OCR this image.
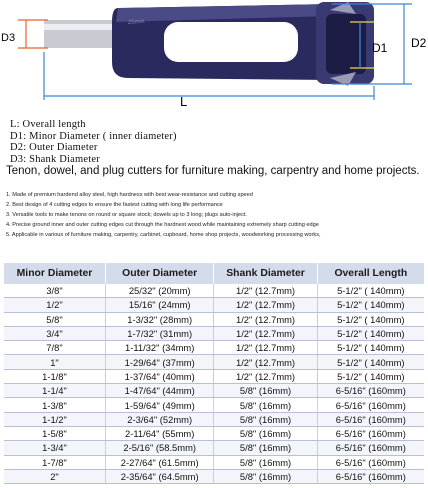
D3
25mm
D1 D2
L
L: Overall length
D1: Minor Diameter ( inner diameter)
D2: Outer Diameter
D3: Shank Diameter
Tenon, dowel, and plug cutters for furniture making, carpentry and home projects.
1. Made of premium hardend alloy steel, high hardness with best wear-resistance and cutting speed
2. Best design of 4 cutting edges to ensure the fastest cutting with long life performance
3. Versatile tools to make tenons on round or square stock; dowels up to 3 long; plugs auto-inject.
4. Precise ground inner and outer cutting edges cut through the hardnest wood while maintaining extremely sharp cutting edge
5. Applicable in various of furniture making, carpentry, carbinet, cupboard, home shop projects, woodworking processing works,
Minor Diameter	Outer Diameter	Shank Diameter	Overall Length
3/8"	25/32" (20mm)	1/2" (12.7mm)	5-1/2" ( 140mm)
1/2"	15/16" (24mm)	1/2" (12.7mm)	5-1/2" ( 140mm)
5/8"	1-3/32" (28mm)	1/2" (12.7mm)	5-1/2" ( 140mm)
3/4"	1-7/32" (31mm)	1/2" (12.7mm)	5-1/2" ( 140mm)
7/8"	1-11/32" (34mm)	1/2" (12.7mm)	5-1/2" ( 140mm)
1"	1-29/64" (37mm)	1/2" (12.7mm)	5-1/2" ( 140mm)
1-1/8"	1-37/64" (40mm)	1/2" (12.7mm)	5-1/2" ( 140mm)
1-1/4"	1-47/64" (44mm)	5/8" (16mm)	6-5/16" (160mm)
1-3/8"	1-59/64" (49mm)	5/8" (16mm)	6-5/16" (160mm)
1-1/2"	2-3/64" (52mm)	5/8" (16mm)	6-5/16" (160mm)
1-5/8"	2-11/64" (55mm)	5/8" (16mm)	6-5/16" (160mm)
1-3/4"	2-5/16" (58.5mm)	5/8" (16mm)	6-5/16" (160mm)
1-7/8"	2-27/64" (61.5mm)	5/8" (16mm)	6-5/16" (160mm)
2"	2-35/64" (64.5mm)	5/8" (16mm)	6-5/16" (160mm)
